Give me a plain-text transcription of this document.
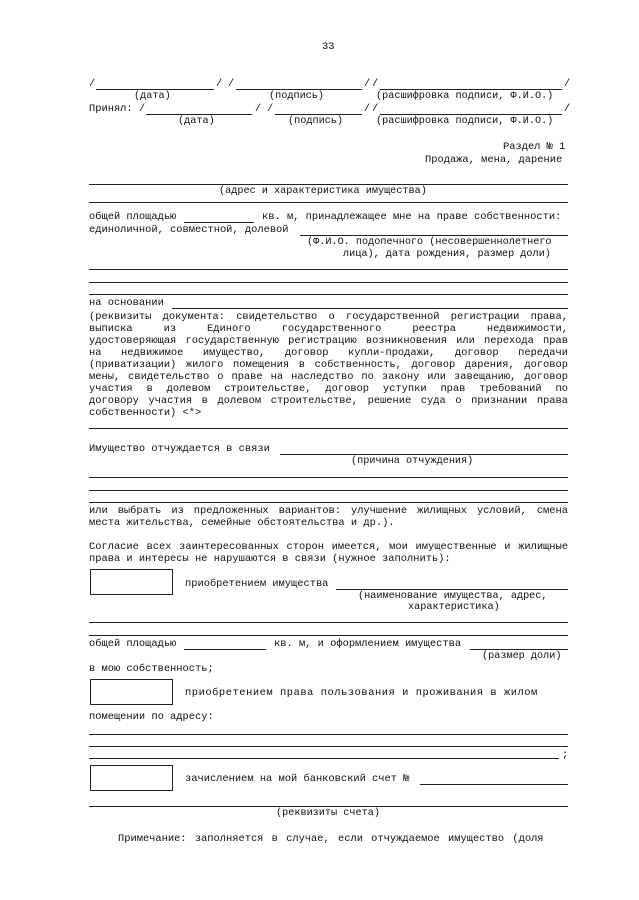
33
/	/ /	/ /	/
(дата)	(подпись)	(расшифровка подписи, Ф.И.О.)
Принял: /	/ /	/ /	/
(дата)	(подпись)	(расшифровка подписи, Ф.И.О.)
Раздел № 1
Продажа, мена, дарение
(адрес и характеристика имущества)
общей площадью	кв. м, принадлежащее мне на праве собственности:
единоличной, совместной, долевой
(Ф.И.О. подопечного (несовершеннолетнего
лица), дата рождения, размер доли)
на основании
(реквизиты документа: свидетельство о государственной регистрации права,
выписка из Единого государственного реестра недвижимости,
удостоверяющая государственную регистрацию возникновения или перехода прав
на недвижимое имущество, договор купли-продажи, договор передачи
(приватизации) жилого помещения в собственность, договор дарения, договор
мены, свидетельство о праве на наследство по закону или завещанию, договор
участия в долевом строительстве, договор уступки прав требований по
договору участия в долевом строительстве, решение суда о признании права
собственности) <*>
Имущество отчуждается в связи
(причина отчуждения)
или выбрать из предложенных вариантов: улучшение жилищных условий, смена
места жительства, семейные обстоятельства и др.).
Согласие всех заинтересованных сторон имеется, мои имущественные и жилищные
права и интересы не нарушаются в связи (нужное заполнить):
приобретением имущества
(наименование имущества, адрес,
характеристика)
общей площадью	кв. м, и оформлением имущества
(размер доли)
в мою собственность;
приобретением права пользования и проживания в жилом
помещении по адресу:
;
зачислением на мой банковский счет №
(реквизиты счета)
Примечание: заполняется в случае, если отчуждаемое имущество (доля
